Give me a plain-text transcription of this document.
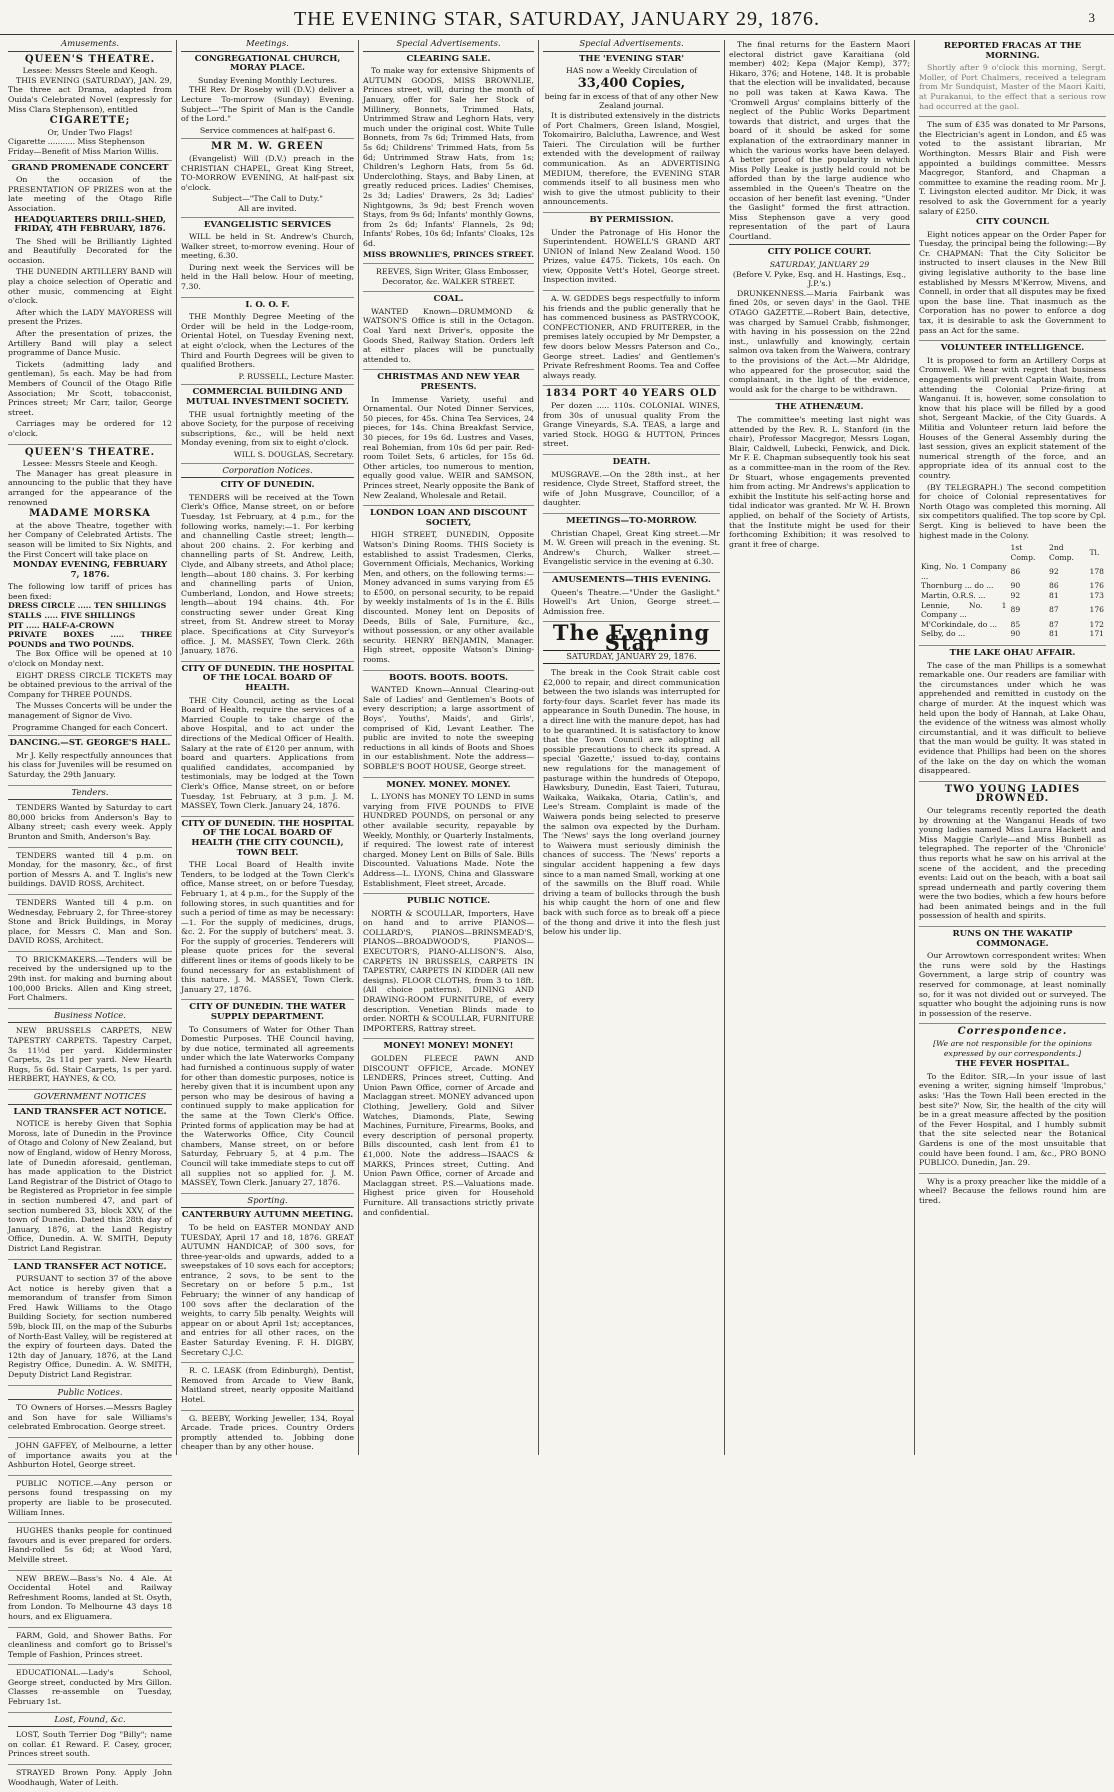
THE EVENING STAR, SATURDAY, JANUARY 29, 1876.	3
Amusements.
QUEEN'S THEATRE.
Lessee: Messrs Steele and Keogh.

THIS EVENING (SATURDAY), JAN. 29, The three act Drama, adapted from Ouida's Celebrated Novel (expressly for Miss Clara Stephenson), entitled

CIGARETTE;
Or, Under Two Flags!
Cigarette ........... Miss Stephenson
Friday—Benefit of Miss Marion Willis.
GRAND PROMENADE CONCERT

On the occasion of the PRESENTATION OF PRIZES won at the late meeting of the Otago Rifle Association.

HEADQUARTERS DRILL-SHED, FRIDAY, 4TH FEBRUARY, 1876.

The Shed will be Brilliantly Lighted and Beautifully Decorated for the occasion.

THE DUNEDIN ARTILLERY BAND will play a choice selection of Operatic and other music, commencing at Eight o'clock.

After which the LADY MAYORESS will present the Prizes.

After the presentation of prizes, the Artillery Band will play a select programme of Dance Music.

Tickets (admitting lady and gentleman), 5s each. May be had from Members of Council of the Otago Rifle Association; Mr Scott, tobacconist, Princes street; Mr Carr, tailor, George street.

Carriages may be ordered for 12 o'clock.

QUEEN'S THEATRE.
Lessee: Messrs Steele and Keogh.

The Manager has great pleasure in announcing to the public that they have arranged for the appearance of the renowned

MADAME MORSKA

at the above Theatre, together with her Company of Celebrated Artists. The season will be limited to Six Nights, and the First Concert will take place on

MONDAY EVENING, FEBRUARY 7, 1876.
The following low tariff of prices has been fixed:
DRESS CIRCLE ..... TEN SHILLINGS
STALLS ..... FIVE SHILLINGS
PIT ..... HALF-A-CROWN
PRIVATE BOXES ..... THREE POUNDS and TWO POUNDS.

The Box Office will be opened at 10 o'clock on Monday next.

EIGHT DRESS CIRCLE TICKETS may be obtained previous to the arrival of the Company for THREE POUNDS.

The Musses Concerts will be under the management of Signor de Vivo.

Programme Changed for each Concert.
DANCING.—ST. GEORGE'S HALL.

Mr J. Kelly respectfully announces that his class for Juveniles will be resumed on Saturday, the 29th January.

Tenders.

TENDERS Wanted by Saturday to cart 80,000 bricks from Anderson's Bay to Albany street; cash every week. Apply Brunton and Smith, Anderson's Bay.

TENDERS wanted till 4 p.m. on Monday, for the masonry, &c., of first portion of Messrs A. and T. Inglis's new buildings. DAVID ROSS, Architect.

TENDERS Wanted till 4 p.m. on Wednesday, February 2, for Three-storey Stone and Brick Buildings, in Moray place, for Messrs C. Man and Son. DAVID ROSS, Architect.

TO BRICKMAKERS.—Tenders will be received by the undersigned up to the 29th inst. for making and burning about 100,000 Bricks. Allen and King street, Fort Chalmers.

Business Notice.

NEW BRUSSELS CARPETS, NEW TAPESTRY CARPETS. Tapestry Carpet, 3s 11½d per yard. Kidderminster Carpets, 2s 11d per yard. New Hearth Rugs, 5s 6d. Stair Carpets, 1s per yard. HERBERT, HAYNES, & CO.

GOVERNMENT NOTICES
LAND TRANSFER ACT NOTICE.

NOTICE is hereby Given that Sophia Moross, late of Dunedin in the Province of Otago and Colony of New Zealand, but now of England, widow of Henry Moross, late of Dunedin aforesaid, gentleman, has made application to the District Land Registrar of the District of Otago to be Registered as Proprietor in fee simple in section numbered 47, and part of section numbered 33, block XXV, of the town of Dunedin. Dated this 28th day of January, 1876, at the Land Registry Office, Dunedin. A. W. SMITH, Deputy District Land Registrar.

LAND TRANSFER ACT NOTICE.

PURSUANT to section 37 of the above Act notice is hereby given that a memorandum of transfer from Simon Fred Hawk Williams to the Otago Building Society, for section numbered 59b, block III, on the map of the Suburbs of North-East Valley, will be registered at the expiry of fourteen days. Dated the 12th day of January, 1876, at the Land Registry Office, Dunedin. A. W. SMITH, Deputy District Land Registrar.

Public Notices.

TO Owners of Horses.—Messrs Bagley and Son have for sale Williams's celebrated Embrocation. George street.

JOHN GAFFEY, of Melbourne, a letter of importance awaits you at the Ashburton Hotel, George street.

PUBLIC NOTICE.—Any person or persons found trespassing on my property are liable to be prosecuted. William Innes.

HUGHES thanks people for continued favours and is ever prepared for orders. Hand-rolled 5s 6d; at Wood Yard, Melville street.

NEW BREW.—Bass's No. 4 Ale. At Occidental Hotel and Railway Refreshment Rooms, landed at St. Osyth, from London. To Melbourne 43 days 18 hours, and ex Eliguamera.

FARM, Gold, and Shower Baths. For cleanliness and comfort go to Brissel's Temple of Fashion, Princes street.

EDUCATIONAL.—Lady's School, George street, conducted by Mrs Gillon. Classes re-assemble on Tuesday, February 1st.

Lost, Found, &c.

LOST, South Terrier Dog "Billy"; name on collar. £1 Reward. F. Casey, grocer, Princes street south.

STRAYED Brown Pony. Apply John Woodhaugh, Water of Leith.

Meetings.
CONGREGATIONAL CHURCH, MORAY PLACE.
Sunday Evening Monthly Lectures.

THE Rev. Dr Roseby will (D.V.) deliver a Lecture To-morrow (Sunday) Evening. Subject—"The Spirit of Man is the Candle of the Lord."

Service commences at half-past 6.
MR M. W. GREEN

(Evangelist) Will (D.V.) preach in the CHRISTIAN CHAPEL, Great King Street, TO-MORROW EVENING, At half-past six o'clock.

Subject—"The Call to Duty."
All are invited.
EVANGELISTIC SERVICES

WILL be held in St. Andrew's Church, Walker street, to-morrow evening. Hour of meeting, 6.30.

During next week the Services will be held in the Hall below. Hour of meeting, 7.30.

I. O. O. F.

THE Monthly Degree Meeting of the Order will be held in the Lodge-room, Oriental Hotel, on Tuesday Evening next, at eight o'clock, when the Lectures of the Third and Fourth Degrees will be given to qualified Brothers.

P. RUSSELL, Lecture Master.
COMMERCIAL BUILDING AND MUTUAL INVESTMENT SOCIETY.

THE usual fortnightly meeting of the above Society, for the purpose of receiving subscriptions, &c., will be held next Monday evening, from six to eight o'clock.

WILL S. DOUGLAS, Secretary.
Corporation Notices.
CITY OF DUNEDIN.

TENDERS will be received at the Town Clerk's Office, Manse street, on or before Tuesday, 1st February, at 4 p.m., for the following works, namely:—1. For kerbing and channelling Castle street; length—about 200 chains. 2. For kerbing and channelling parts of St. Andrew, Leith, Clyde, and Albany streets, and Athol place; length—about 180 chains. 3. For kerbing and channelling parts of Union, Cumberland, London, and Howe streets; length—about 194 chains. 4th. For constructing sewer under Great King street, from St. Andrew street to Moray place. Specifications at City Surveyor's office. J. M. MASSEY, Town Clerk. 26th January, 1876.

CITY OF DUNEDIN. THE HOSPITAL OF THE LOCAL BOARD OF HEALTH.

THE City Council, acting as the Local Board of Health, require the services of a Married Couple to take charge of the above Hospital, and to act under the directions of the Medical Officer of Health. Salary at the rate of £120 per annum, with board and quarters. Applications from qualified candidates, accompanied by testimonials, may be lodged at the Town Clerk's Office, Manse street, on or before Tuesday, 1st February, at 3 p.m. J. M. MASSEY, Town Clerk. January 24, 1876.

CITY OF DUNEDIN. THE HOSPITAL OF THE LOCAL BOARD OF HEALTH (THE CITY COUNCIL), TOWN BELT.

THE Local Board of Health invite Tenders, to be lodged at the Town Clerk's office, Manse street, on or before Tuesday, February 1, at 4 p.m., for the Supply of the following stores, in such quantities and for such a period of time as may be necessary:—1. For the supply of medicines, drugs, &c. 2. For the supply of butchers' meat. 3. For the supply of groceries. Tenderers will please quote prices for the several different lines or items of goods likely to be found necessary for an establishment of this nature. J. M. MASSEY, Town Clerk. January 27, 1876.

CITY OF DUNEDIN. THE WATER SUPPLY DEPARTMENT.

To Consumers of Water for Other Than Domestic Purposes. THE Council having, by due notice, terminated all agreements under which the late Waterworks Company had furnished a continuous supply of water for other than domestic purposes, notice is hereby given that it is incumbent upon any person who may be desirous of having a continued supply to make application for the same at the Town Clerk's Office. Printed forms of application may be had at the Waterworks Office, City Council chambers, Manse street, on or before Saturday, February 5, at 4 p.m. The Council will take immediate steps to cut off all supplies not so applied for. J. M. MASSEY, Town Clerk. January 27, 1876.

Sporting.
CANTERBURY AUTUMN MEETING.

To be held on EASTER MONDAY AND TUESDAY, April 17 and 18, 1876. GREAT AUTUMN HANDICAP, of 300 sovs, for three-year-olds and upwards, added to a sweepstakes of 10 sovs each for acceptors; entrance, 2 sovs, to be sent to the Secretary on or before 5 p.m., 1st February; the winner of any handicap of 100 sovs after the declaration of the weights, to carry 5lb penalty. Weights will appear on or about April 1st; acceptances, and entries for all other races, on the Easter Saturday Evening. F. H. DIGBY, Secretary C.J.C.

R. C. LEASK (from Edinburgh), Dentist, Removed from Arcade to View Bank, Maitland street, nearly opposite Maitland Hotel.

G. BEEBY, Working Jeweller, 134, Royal Arcade. Trade prices. Country Orders promptly attended to. Jobbing done cheaper than by any other house.

Special Advertisements.
CLEARING SALE.

To make way for extensive Shipments of AUTUMN GOODS, MISS BROWNLIE, Princes street, will, during the month of January, offer for Sale her Stock of Millinery, Bonnets, Trimmed Hats, Untrimmed Straw and Leghorn Hats, very much under the original cost. White Tulle Bonnets, from 7s 6d; Trimmed Hats, from 5s 6d; Childrens' Trimmed Hats, from 5s 6d; Untrimmed Straw Hats, from 1s; Children's Leghorn Hats, from 5s 6d. Underclothing, Stays, and Baby Linen, at greatly reduced prices. Ladies' Chemises, 2s 3d; Ladies' Drawers, 2s 3d; Ladies' Nightgowns, 3s 9d; best French woven Stays, from 9s 6d; Infants' monthly Gowns, from 2s 6d; Infants' Flannels, 2s 9d; Infants' Robes, 10s 6d; Infants' Cloaks, 12s 6d.

MISS BROWNLIE'S, PRINCES STREET.

REEVES, Sign Writer, Glass Embosser, Decorator, &c. WALKER STREET.

COAL.

WANTED Known—DRUMMOND & WATSON'S Office is still in the Octagon. Coal Yard next Driver's, opposite the Goods Shed, Railway Station. Orders left at either places will be punctually attended to.

CHRISTMAS AND NEW YEAR PRESENTS.

In Immense Variety, useful and Ornamental. Our Noted Dinner Services, 50 pieces, for 45s. China Tea Services, 24 pieces, for 14s. China Breakfast Service, 30 pieces, for 19s 6d. Lustres and Vases, real Bohemian, from 10s 6d per pair. Red-room Toilet Sets, 6 articles, for 15s 6d. Other articles, too numerous to mention, equally good value. WEIR and SAMSON, Princes street, Nearly opposite the Bank of New Zealand, Wholesale and Retail.

LONDON LOAN AND DISCOUNT SOCIETY,

HIGH STREET, DUNEDIN, Opposite Watson's Dining Rooms. THIS Society is established to assist Tradesmen, Clerks, Government Officials, Mechanics, Working Men, and others, on the following terms:—Money advanced in sums varying from £5 to £500, on personal security, to be repaid by weekly instalments of 1s in the £. Bills discounted. Money lent on Deposits of Deeds, Bills of Sale, Furniture, &c., without possession, or any other available security. HENRY BENJAMIN, Manager. High street, opposite Watson's Dining-rooms.

BOOTS. BOOTS. BOOTS.

WANTED Known—Annual Clearing-out Sale of Ladies' and Gentlemen's Boots of every description; a large assortment of Boys', Youths', Maids', and Girls', comprised of Kid, Levant Leather. The public are invited to note the sweeping reductions in all kinds of Boots and Shoes in our establishment. Note the address—SOBBLE'S BOOT HOUSE, George street.

MONEY. MONEY. MONEY.

L. LYONS has MONEY TO LEND in sums varying from FIVE POUNDS to FIVE HUNDRED POUNDS, on personal or any other available security, repayable by Weekly, Monthly, or Quarterly Instalments, if required. The lowest rate of interest charged. Money Lent on Bills of Sale. Bills Discounted. Valuations Made. Note the Address—L. LYONS, China and Glassware Establishment, Fleet street, Arcade.

PUBLIC NOTICE.

NORTH & SCOULLAR, Importers, Have on hand and to arrive PIANOS—COLLARD'S, PIANOS—BRINSMEAD'S, PIANOS—BROADWOOD'S, PIANOS—EXECUTOR'S, PIANO-ALLISON'S. Also, CARPETS IN BRUSSELS, CARPETS IN TAPESTRY, CARPETS IN KIDDER (All new designs). FLOOR CLOTHS, from 3 to 18ft. (All choice patterns). DINING AND DRAWING-ROOM FURNITURE, of every description. Venetian Blinds made to order. NORTH & SCOULLAR, FURNITURE IMPORTERS, Rattray street.

MONEY! MONEY! MONEY!

GOLDEN FLEECE PAWN AND DISCOUNT OFFICE, Arcade. MONEY LENDERS, Princes street, Cutting. And Union Pawn Office, corner of Arcade and Maclaggan street. MONEY advanced upon Clothing, Jewellery, Gold and Silver Watches, Diamonds, Plate, Sewing Machines, Furniture, Firearms, Books, and every description of personal property. Bills discounted, cash lent from £1 to £1,000. Note the address—ISAACS & MARKS, Princes street, Cutting. And Union Pawn Office, corner of Arcade and Maclaggan street. P.S.—Valuations made. Highest price given for Household Furniture. All transactions strictly private and confidential.

Special Advertisements.
THE 'EVENING STAR'
HAS now a Weekly Circulation of
33,400 Copies,
being far in excess of that of any other New Zealand journal.

It is distributed extensively in the districts of Port Chalmers, Green Island, Mosgiel, Tokomairiro, Balclutha, Lawrence, and West Taieri. The Circulation will be further extended with the development of railway communication. As an ADVERTISING MEDIUM, therefore, the EVENING STAR commends itself to all business men who wish to give the utmost publicity to their announcements.

BY PERMISSION.

Under the Patronage of His Honor the Superintendent. HOWELL'S GRAND ART UNION of Inland New Zealand Wood. 150 Prizes, value £475. Tickets, 10s each. On view, Opposite Vett's Hotel, George street. Inspection invited.

A. W. GEDDES begs respectfully to inform his friends and the public generally that he has commenced business as PASTRYCOOK, CONFECTIONER, AND FRUITERER, in the premises lately occupied by Mr Dempster, a few doors below Messrs Paterson and Co., George street. Ladies' and Gentlemen's Private Refreshment Rooms. Tea and Coffee always ready.

1834 PORT 40 YEARS OLD

Per dozen ..... 110s. COLONIAL WINES, from 30s of unusual quality From the Grange Vineyards, S.A. TEAS, a large and varied Stock. HOGG & HUTTON, Princes street.

DEATH.

MUSGRAVE.—On the 28th inst., at her residence, Clyde Street, Stafford street, the wife of John Musgrave, Councillor, of a daughter.

MEETINGS—TO-MORROW.

Christian Chapel, Great King street.—Mr M. W. Green will preach in the evening. St. Andrew's Church, Walker street.—Evangelistic service in the evening at 6.30.

AMUSEMENTS—THIS EVENING.

Queen's Theatre.—"Under the Gaslight." Howell's Art Union, George street.—Admission free.

The Evening Star
SATURDAY, JANUARY 29, 1876.

The break in the Cook Strait cable cost £2,000 to repair, and direct communication between the two islands was interrupted for forty-four days. Scarlet fever has made its appearance in South Dunedin. The house, in a direct line with the manure depot, has had to be quarantined. It is satisfactory to know that the Town Council are adopting all possible precautions to check its spread. A special 'Gazette,' issued to-day, contains new regulations for the management of pasturage within the hundreds of Otepopo, Hawksbury, Dunedin, East Taieri, Tuturau, Waikaka, Waikaka, Otaria, Catlin's, and Lee's Stream. Complaint is made of the Waiwera ponds being selected to preserve the salmon ova expected by the Durham. The 'News' says the long overland journey to Waiwera must seriously diminish the chances of success. The 'News' reports a singular accident happening a few days since to a man named Small, working at one of the sawmills on the Bluff road. While driving a team of bullocks through the bush his whip caught the horn of one and flew back with such force as to break off a piece of the thong and drive it into the flesh just below his under lip.

The final returns for the Eastern Maori electoral district gave Karaitiana (old member) 402; Kepa (Major Kemp), 377; Hikaro, 376; and Hotene, 148. It is probable that the election will be invalidated, because no poll was taken at Kawa Kawa. The 'Cromwell Argus' complains bitterly of the neglect of the Public Works Department towards that district, and urges that the board of it should be asked for some explanation of the extraordinary manner in which the various works have been delayed. A better proof of the popularity in which Miss Polly Leake is justly held could not be afforded than by the large audience who assembled in the Queen's Theatre on the occasion of her benefit last evening. "Under the Gaslight" formed the first attraction. Miss Stephenson gave a very good representation of the part of Laura Courtland.

CITY POLICE COURT.
SATURDAY, JANUARY 29
(Before V. Pyke, Esq. and H. Hastings, Esq., J.P.'s.)

DRUNKENNESS.—Maria Fairbank was fined 20s, or seven days' in the Gaol. THE OTAGO GAZETTE.—Robert Bain, detective, was charged by Samuel Crabb, fishmonger, with having in his possession on the 22nd inst., unlawfully and knowingly, certain salmon ova taken from the Waiwera, contrary to the provisions of the Act.—Mr Aldridge, who appeared for the prosecutor, said the complainant, in the light of the evidence, would ask for the charge to be withdrawn.

THE ATHENÆUM.

The committee's meeting last night was attended by the Rev. R. L. Stanford (in the chair), Professor Macgregor, Messrs Logan, Blair, Caldwell, Lubecki, Fenwick, and Dick. Mr F. E. Chapman subsequently took his seat as a committee-man in the room of the Rev. Dr Stuart, whose engagements prevented him from acting. Mr Andrews's application to exhibit the Institute his self-acting horse and tidal indicator was granted. Mr W. H. Brown applied, on behalf of the Society of Artists, that the Institute might be used for their forthcoming Exhibition; it was resolved to grant it free of charge.

REPORTED FRACAS AT THE MORNING.

Shortly after 9 o'clock this morning, Sergt. Moller, of Port Chalmers, received a telegram from Mr Sundquist, Master of the Maori Kaiti, at Purakanui, to the effect that a serious row had occurred at the gaol.

The sum of £35 was donated to Mr Parsons, the Electrician's agent in London, and £5 was voted to the assistant librarian, Mr Worthington. Messrs Blair and Fish were appointed a buildings committee. Messrs Macgregor, Stanford, and Chapman a committee to examine the reading room. Mr J. T. Livingston elected auditor. Mr Dick, it was resolved to ask the Government for a yearly salary of £250.

CITY COUNCIL

Eight notices appear on the Order Paper for Tuesday, the principal being the following:—By Cr. CHAPMAN: That the City Solicitor be instructed to insert clauses in the New Bill giving legislative authority to the base line established by Messrs M'Kerrow, Mivens, and Connell, in order that all disputes may be fixed upon the base line. That inasmuch as the Corporation has no power to enforce a dog tax, it is desirable to ask the Government to pass an Act for the same.

VOLUNTEER INTELLIGENCE.

It is proposed to form an Artillery Corps at Cromwell. We hear with regret that business engagements will prevent Captain Waite, from attending the Colonial Prize-firing at Wanganui. It is, however, some consolation to know that his place will be filled by a good shot, Sergeant Mackie, of the City Guards. A Militia and Volunteer return laid before the Houses of the General Assembly during the last session, gives an explicit statement of the numerical strength of the force, and an appropriate idea of its annual cost to the country.

(BY TELEGRAPH.) The second competition for choice of Colonial representatives for North Otago was completed this morning. All six competitors qualified. The top score by Cpl. Sergt. King is believed to have been the highest made in the Colony.

	1st Comp.	2nd Comp.	Tl.
King, No. 1 Company ...	86	92	178
Thornburg ... do ...	90	86	176
Martin, O.R.S. ...	92	81	173
Lennie, No. 1 Company ...	89	87	176
M'Corkindale, do ...	85	87	172
Selby, do ...	90	81	171
THE LAKE OHAU AFFAIR.

The case of the man Phillips is a somewhat remarkable one. Our readers are familiar with the circumstances under which he was apprehended and remitted in custody on the charge of murder. At the inquest which was held upon the body of Hannah, at Lake Ohau, the evidence of the witness was almost wholly circumstantial, and it was difficult to believe that the man would be guilty. It was stated in evidence that Phillips had been on the shores of the lake on the day on which the woman disappeared.

TWO YOUNG LADIES DROWNED.

Our telegrams recently reported the death by drowning at the Wanganui Heads of two young ladies named Miss Laura Hackett and Miss Maggie Carlyle—and Miss Bunbell as telegraphed. The reporter of the 'Chronicle' thus reports what he saw on his arrival at the scene of the accident, and the preceding events: Laid out on the beach, with a boat sail spread underneath and partly covering them were the two bodies, which a few hours before had been animated beings and in the full possession of health and spirits.

RUNS ON THE WAKATIP COMMONAGE.

Our Arrowtown correspondent writes: When the runs were sold by the Hastings Government, a large strip of country was reserved for commonage, at least nominally so, for it was not divided out or surveyed. The squatter who bought the adjoining runs is now in possession of the reserve.

Correspondence.
[We are not responsible for the opinions expressed by our correspondents.]
THE FEVER HOSPITAL.

To the Editor. SIR,—In your issue of last evening a writer, signing himself 'Improbus,' asks: 'Has the Town Hall been erected in the best site?' Now, Sir, the health of the city will be in a great measure affected by the position of the Fever Hospital, and I humbly submit that the site selected near the Botanical Gardens is one of the most unsuitable that could have been found. I am, &c., PRO BONO PUBLICO. Dunedin, Jan. 29.

Why is a proxy preacher like the middle of a wheel? Because the fellows round him are tired.
